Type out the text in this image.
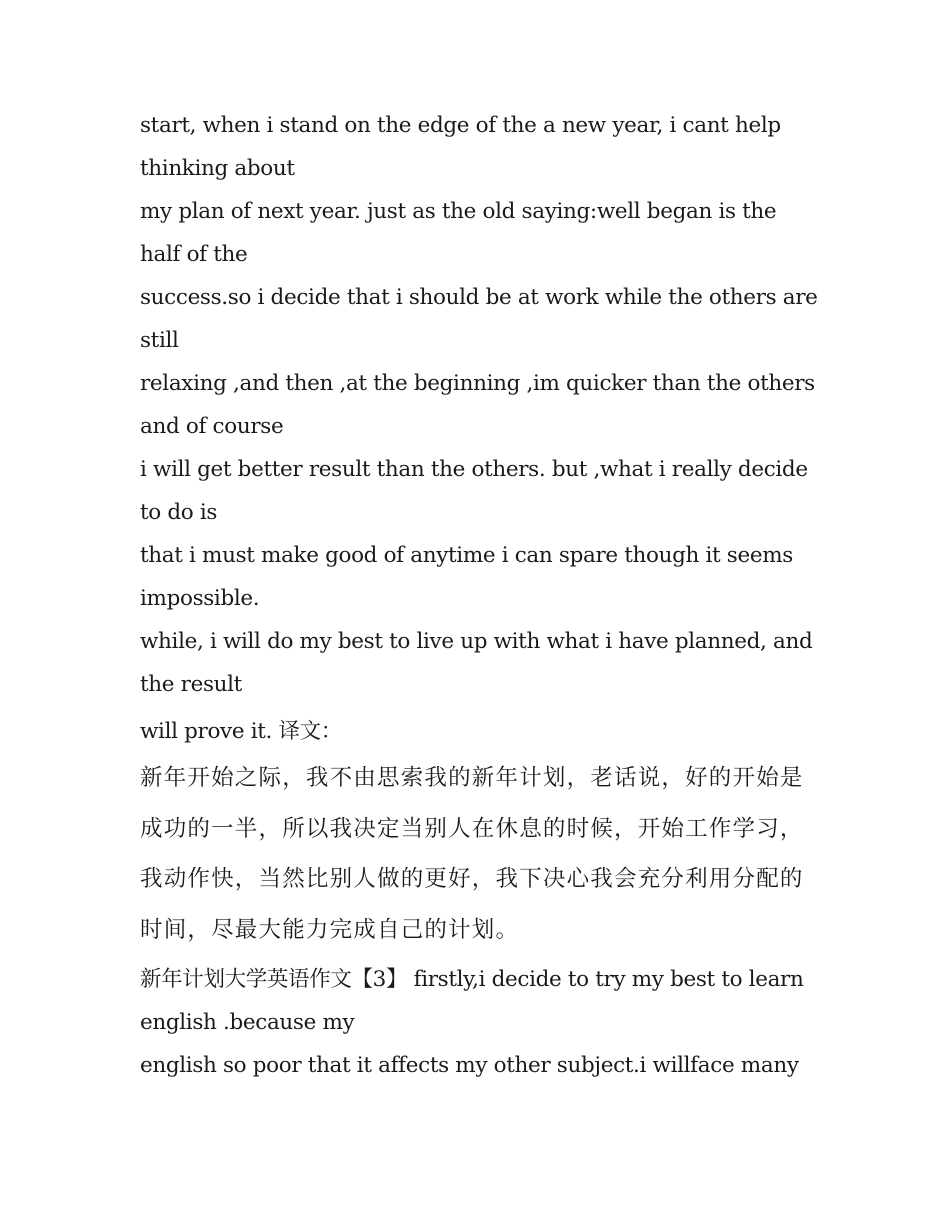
start, when i stand on the edge of the a new year, i cant help thinking about

my plan of next year. just as the old saying:well began is the half of the

success.so i decide that i should be at work while the others are still

relaxing ,and then ,at the beginning ,im quicker than the others and of course

i will get better result than the others. but ,what i really decide to do is

that i must make good of anytime i can spare though it seems impossible.

while, i will do my best to live up with what i have planned, and the result

will prove it. 译文：

新年开始之际，我不由思索我的新年计划，老话说，好的开始是成功的一半，所以我决定当别人在休息的时候，开始工作学习，我动作快，当然比别人做的更好，我下决心我会充分利用分配的时间，尽最大能力完成自己的计划。

新年计划大学英语作文【3】 firstly,i decide to try my best to learn english .because my

english so poor that it affects my other subject.i willface many
